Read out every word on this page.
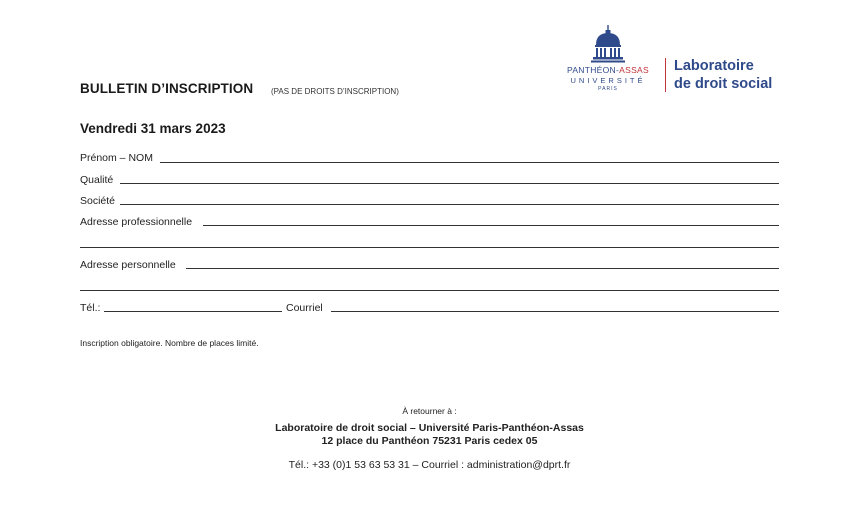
PANTHÉON-ASSAS
UNIVERSITÉ
PARIS
Laboratoire
de droit social
BULLETIN D’INSCRIPTION (PAS DE DROITS D’INSCRIPTION)
Vendredi 31 mars 2023
Prénom – NOM
Qualité
Société
Adresse professionnelle
Adresse personnelle
Tél.:	Courriel
Inscription obligatoire. Nombre de places limité.
À retourner à :
Laboratoire de droit social – Université Paris-Panthéon-Assas
12 place du Panthéon 75231 Paris cedex 05
Tél.: +33 (0)1 53 63 53 31 – Courriel : administration@dprt.fr
